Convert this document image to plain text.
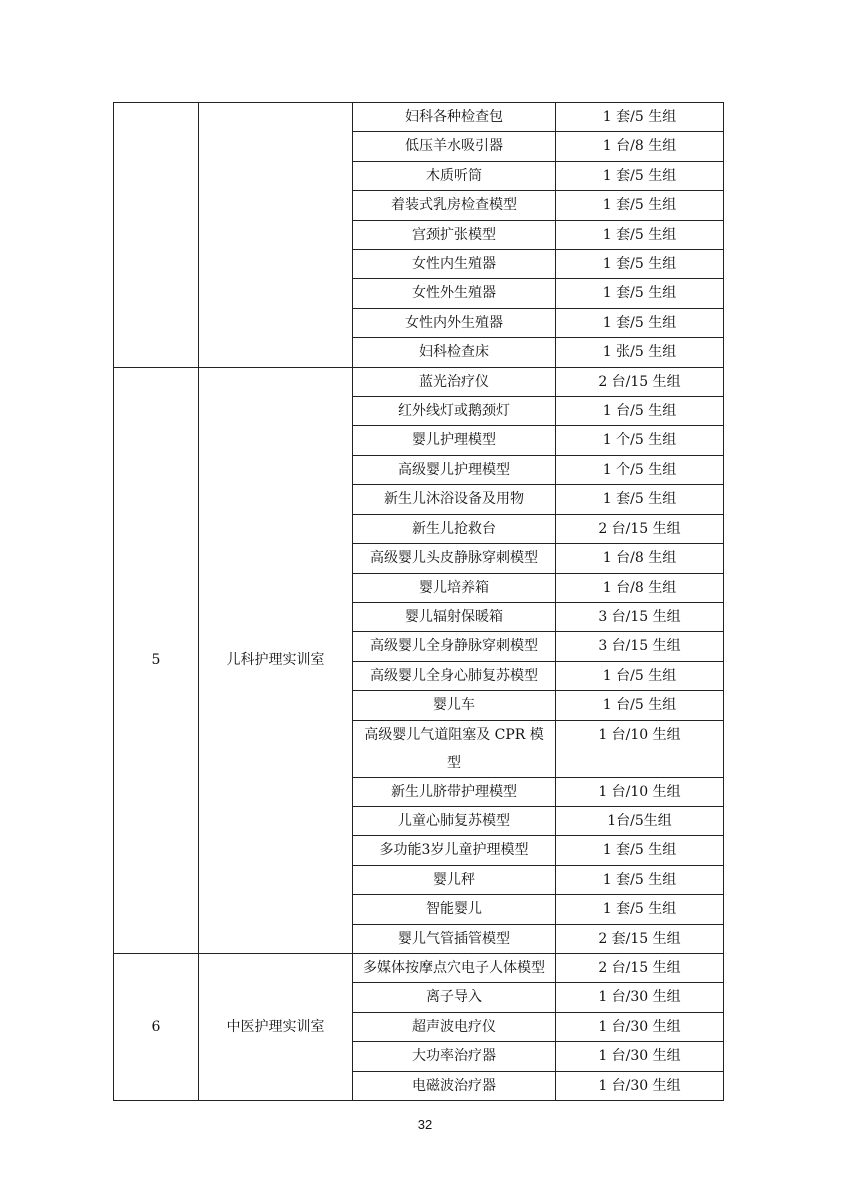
		妇科各种检查包	1 套/5 生组
		低压羊水吸引器	1 台/8 生组
		木质听筒	1 套/5 生组
		着装式乳房检查模型	1 套/5 生组
		宫颈扩张模型	1 套/5 生组
		女性内生殖器	1 套/5 生组
		女性外生殖器	1 套/5 生组
		女性内外生殖器	1 套/5 生组
		妇科检查床	1 张/5 生组
5	儿科护理实训室	蓝光治疗仪	2 台/15 生组
		红外线灯或鹅颈灯	1 台/5 生组
		婴儿护理模型	1 个/5 生组
		高级婴儿护理模型	1 个/5 生组
		新生儿沐浴设备及用物	1 套/5 生组
		新生儿抢救台	2 台/15 生组
		高级婴儿头皮静脉穿刺模型	1 台/8 生组
		婴儿培养箱	1 台/8 生组
		婴儿辐射保暖箱	3 台/15 生组
		高级婴儿全身静脉穿刺模型	3 台/15 生组
		高级婴儿全身心肺复苏模型	1 台/5 生组
		婴儿车	1 台/5 生组
		高级婴儿气道阻塞及 CPR 模型	1 台/10 生组
		新生儿脐带护理模型	1 台/10 生组
		儿童心肺复苏模型	1台/5生组
		多功能3岁儿童护理模型	1 套/5 生组
		婴儿秤	1 套/5 生组
		智能婴儿	1 套/5 生组
		婴儿气管插管模型	2 套/15 生组
6	中医护理实训室	多媒体按摩点穴电子人体模型	2 台/15 生组
		离子导入	1 台/30 生组
		超声波电疗仪	1 台/30 生组
		大功率治疗器	1 台/30 生组
		电磁波治疗器	1 台/30 生组
32
